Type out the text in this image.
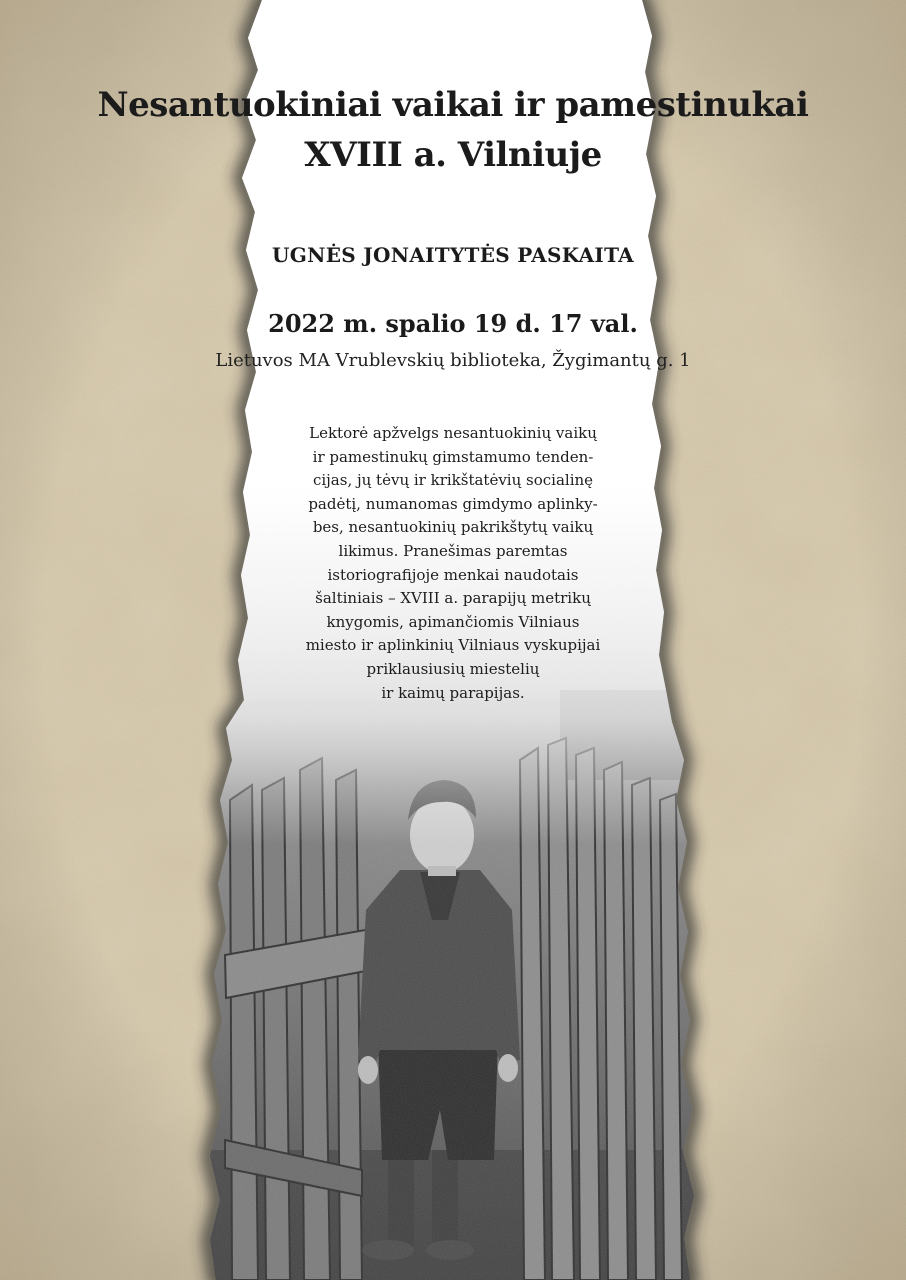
Nesantuokiniai vaikai ir pamestinukai
XVIII a. Vilniuje
UGNĖS JONAITYTĖS PASKAITA
2022 m. spalio 19 d. 17 val.
Lietuvos MA Vrublevskių biblioteka, Žygimantų g. 1

Lektorė apžvelgs nesantuokinių vaikų
ir pamestinukų gimstamumo tenden-
cijas, jų tėvų ir krikštatėvių socialinę
padėtį, numanomas gimdymo aplinky-
bes, nesantuokinių pakrikštytų vaikų
likimus. Pranešimas paremtas
istoriografijoje menkai naudotais
šaltiniais – XVIII a. parapijų metrikų
knygomis, apimančiomis Vilniaus
miesto ir aplinkinių Vilniaus vyskupijai
priklausiusių miestelių
ir kaimų parapijas.
